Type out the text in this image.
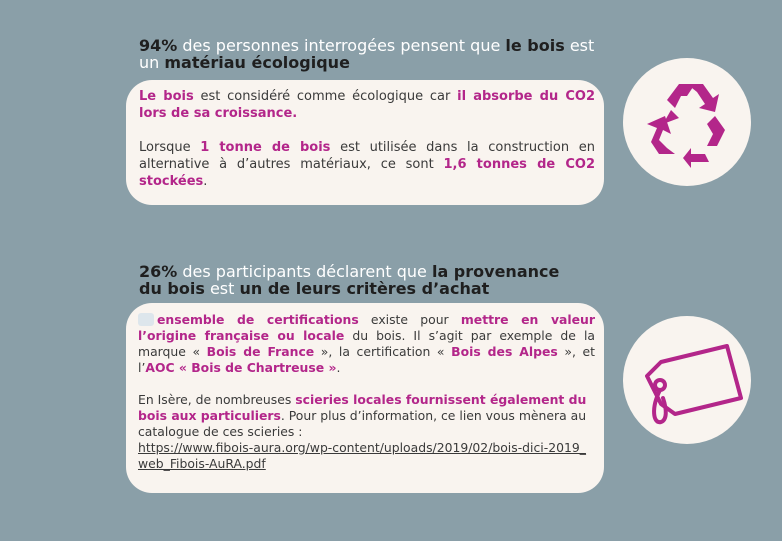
94% des personnes interrogées pensent que le bois est un matériau écologique

Le bois est considéré comme écologique car il absorbe du CO2 lors de sa croissance.

Lorsque 1 tonne de bois est utilisée dans la construction en alternative à d’autres matériaux, ce sont 1,6 tonnes de CO2 stockées.

26% des participants déclarent que la provenance du bois est un de leurs critères d’achat

ensemble de certifications existe pour mettre en valeur l’origine française ou locale du bois. Il s’agit par exemple de la marque « Bois de France », la certification « Bois des Alpes », et l’AOC « Bois de Chartreuse ».

En Isère, de nombreuses scieries locales fournissent également du bois aux particuliers. Pour plus d’information, ce lien vous mènera au catalogue de ces scieries :
https://www.fibois-aura.org/wp-content/uploads/2019/02/bois-dici-2019_web_Fibois-AuRA.pdf
